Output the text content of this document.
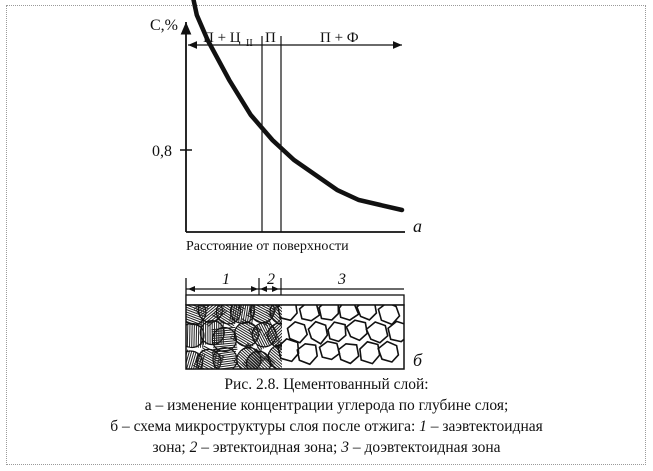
C,%
0,8
П + Ц II П	П + Ф
Расстояние от поверхности
а
1 2	3
б
Рис. 2.8. Цементованный слой:
а – изменение концентрации углерода по глубине слоя;
б – схема микроструктуры слоя после отжига: 1 – заэвтектоидная
зона; 2 – эвтектоидная зона; 3 – доэвтектоидная зона
